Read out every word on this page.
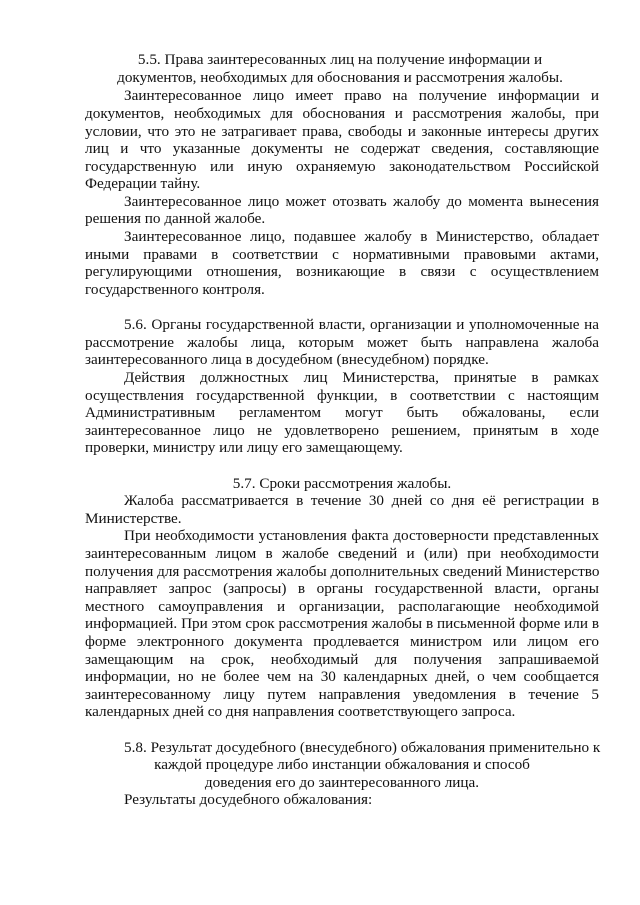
5.5. Права заинтересованных лиц на получение информации и

документов, необходимых для обоснования и рассмотрения жалобы.

Заинтересованное лицо имеет право на получение информации и

документов, необходимых для обоснования и рассмотрения жалобы, при

условии, что это не затрагивает права, свободы и законные интересы других

лиц и что указанные документы не содержат сведения, составляющие

государственную или иную охраняемую законодательством Российской

Федерации тайну.

Заинтересованное лицо может отозвать жалобу до момента вынесения

решения по данной жалобе.

Заинтересованное лицо, подавшее жалобу в Министерство, обладает

иными правами в соответствии с нормативными правовыми актами,

регулирующими отношения, возникающие в связи с осуществлением

государственного контроля.

5.6. Органы государственной власти, организации и уполномоченные на

рассмотрение жалобы лица, которым может быть направлена жалоба

заинтересованного лица в досудебном (внесудебном) порядке.

Действия должностных лиц Министерства, принятые в рамках

осуществления государственной функции, в соответствии с настоящим

Административным регламентом могут быть обжалованы, если

заинтересованное лицо не удовлетворено решением, принятым в ходе

проверки, министру или лицу его замещающему.

5.7. Сроки рассмотрения жалобы.

Жалоба рассматривается в течение 30 дней со дня её регистрации в

Министерстве.

При необходимости установления факта достоверности представленных

заинтересованным лицом в жалобе сведений и (или) при необходимости

получения для рассмотрения жалобы дополнительных сведений Министерство

направляет запрос (запросы) в органы государственной власти, органы

местного самоуправления и организации, располагающие необходимой

информацией. При этом срок рассмотрения жалобы в письменной форме или в

форме электронного документа продлевается министром или лицом его

замещающим на срок, необходимый для получения запрашиваемой

информации, но не более чем на 30 календарных дней, о чем сообщается

заинтересованному лицу путем направления уведомления в течение 5

календарных дней со дня направления соответствующего запроса.

5.8. Результат досудебного (внесудебного) обжалования применительно к

каждой процедуре либо инстанции обжалования и способ

доведения его до заинтересованного лица.

Результаты досудебного обжалования:
